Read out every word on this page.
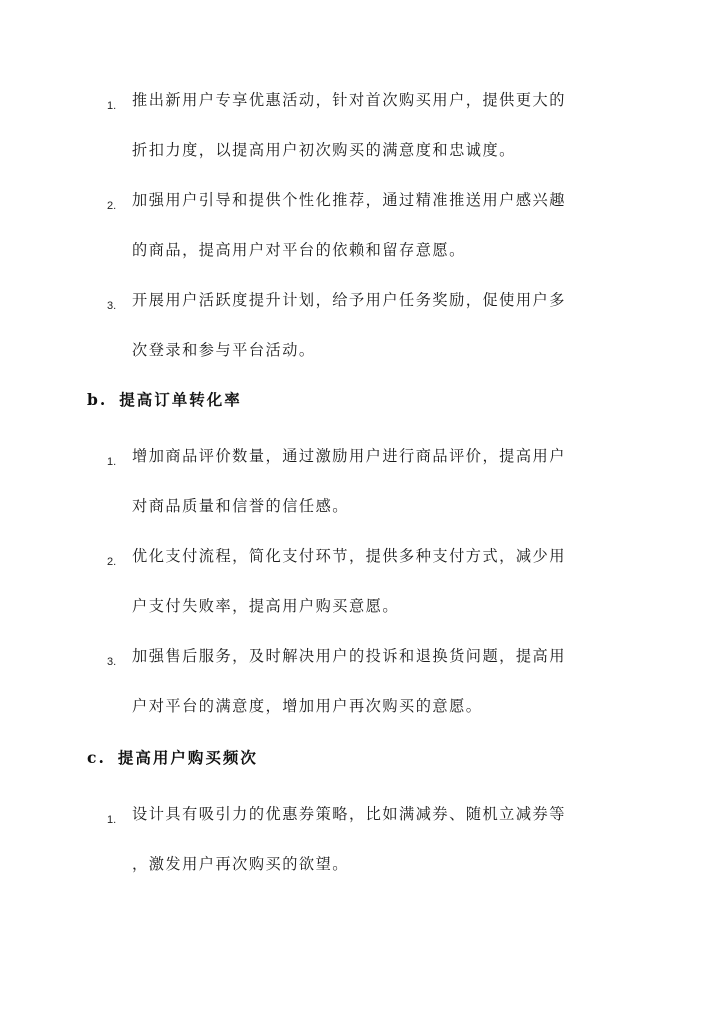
1. 推出新用户专享优惠活动，针对首次购买用户，提供更大的
折扣力度，以提高用户初次购买的满意度和忠诚度。
2. 加强用户引导和提供个性化推荐，通过精准推送用户感兴趣
的商品，提高用户对平台的依赖和留存意愿。
3. 开展用户活跃度提升计划，给予用户任务奖励，促使用户多
次登录和参与平台活动。
b. 提高订单转化率
1. 增加商品评价数量，通过激励用户进行商品评价，提高用户
对商品质量和信誉的信任感。
2. 优化支付流程，简化支付环节，提供多种支付方式，减少用
户支付失败率，提高用户购买意愿。
3. 加强售后服务，及时解决用户的投诉和退换货问题，提高用
户对平台的满意度，增加用户再次购买的意愿。
c. 提高用户购买频次
1. 设计具有吸引力的优惠券策略，比如满减券、随机立减券等
，激发用户再次购买的欲望。
